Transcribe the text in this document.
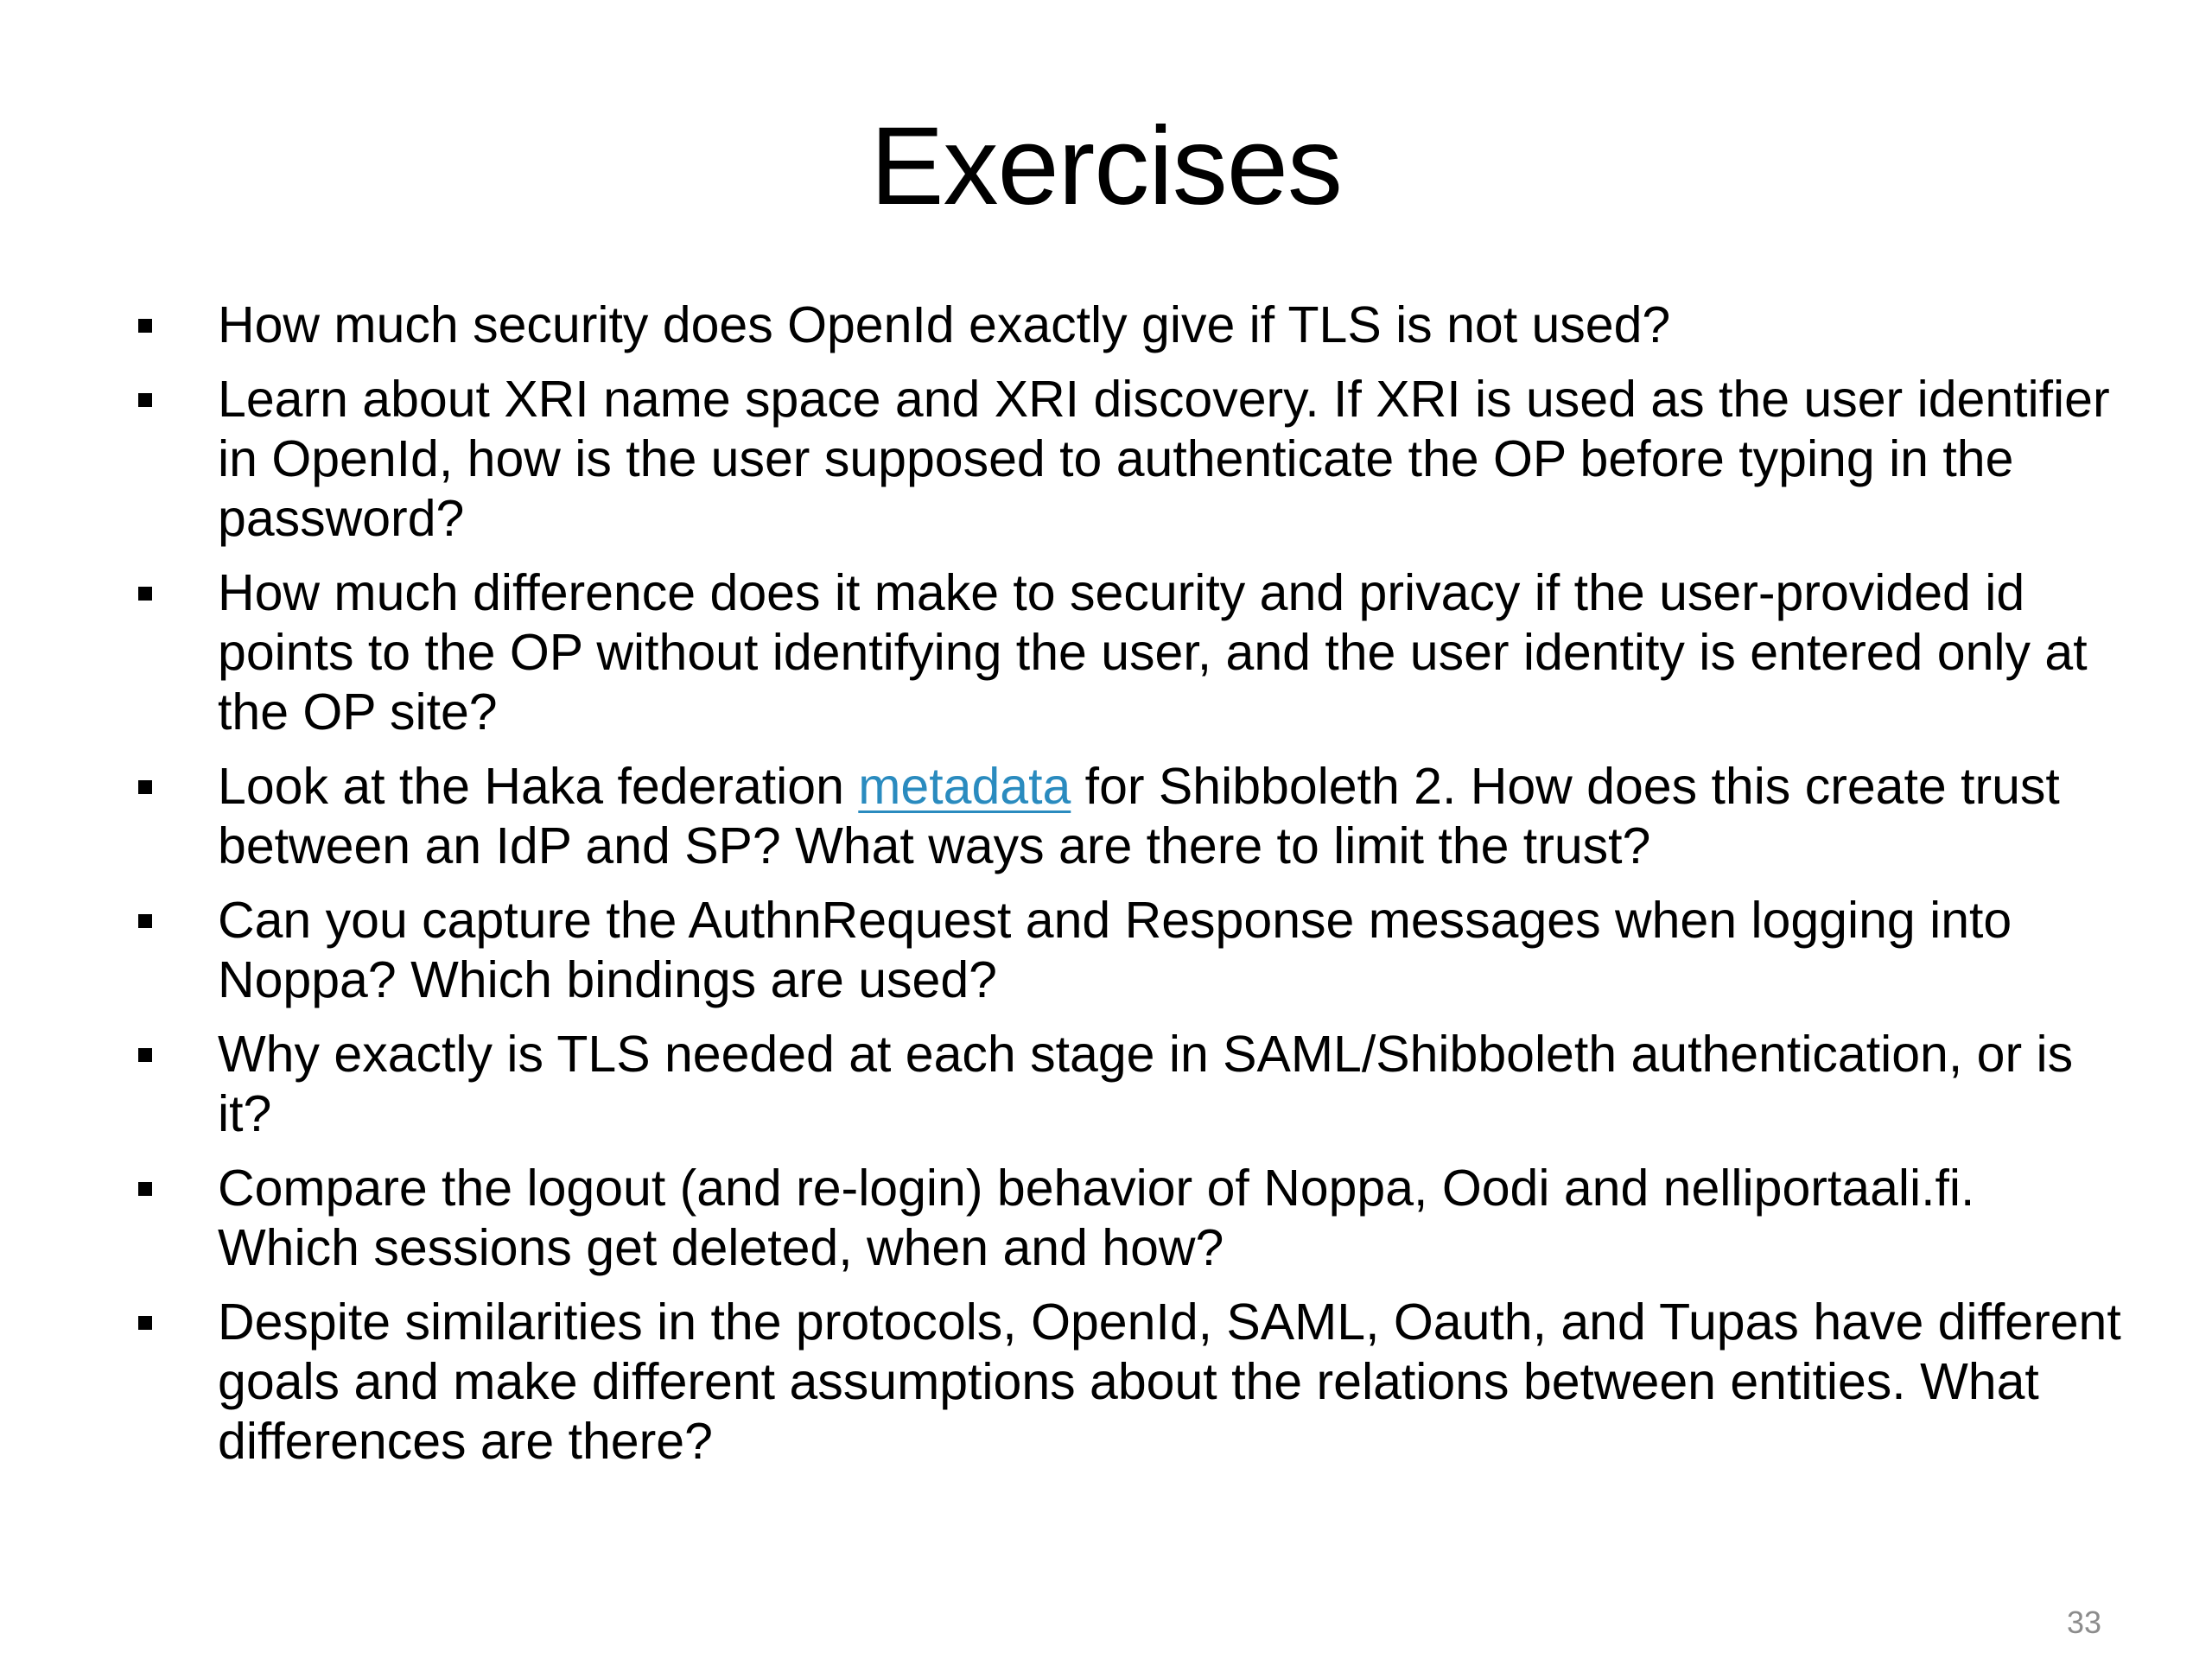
Exercises
How much security does OpenId exactly give if TLS is not used?
Learn about XRI name space and XRI discovery. If XRI is used as the user identifier in OpenId, how is the user supposed to authenticate the OP before typing in the password?
How much difference does it make to security and privacy if the user-provided id points to the OP without identifying the user, and the user identity is entered only at the OP site?
Look at the Haka federation metadata for Shibboleth 2. How does this create trust between an IdP and SP? What ways are there to limit the trust?
Can you capture the AuthnRequest and Response messages when logging into Noppa? Which bindings are used?
Why exactly is TLS needed at each stage in SAML/Shibboleth authentication, or is it?
Compare the logout (and re-login) behavior of Noppa, Oodi and nelliportaali.fi. Which sessions get deleted, when and how?
Despite similarities in the protocols, OpenId, SAML, Oauth, and Tupas have different goals and make different assumptions about the relations between entities. What differences are there?
33
